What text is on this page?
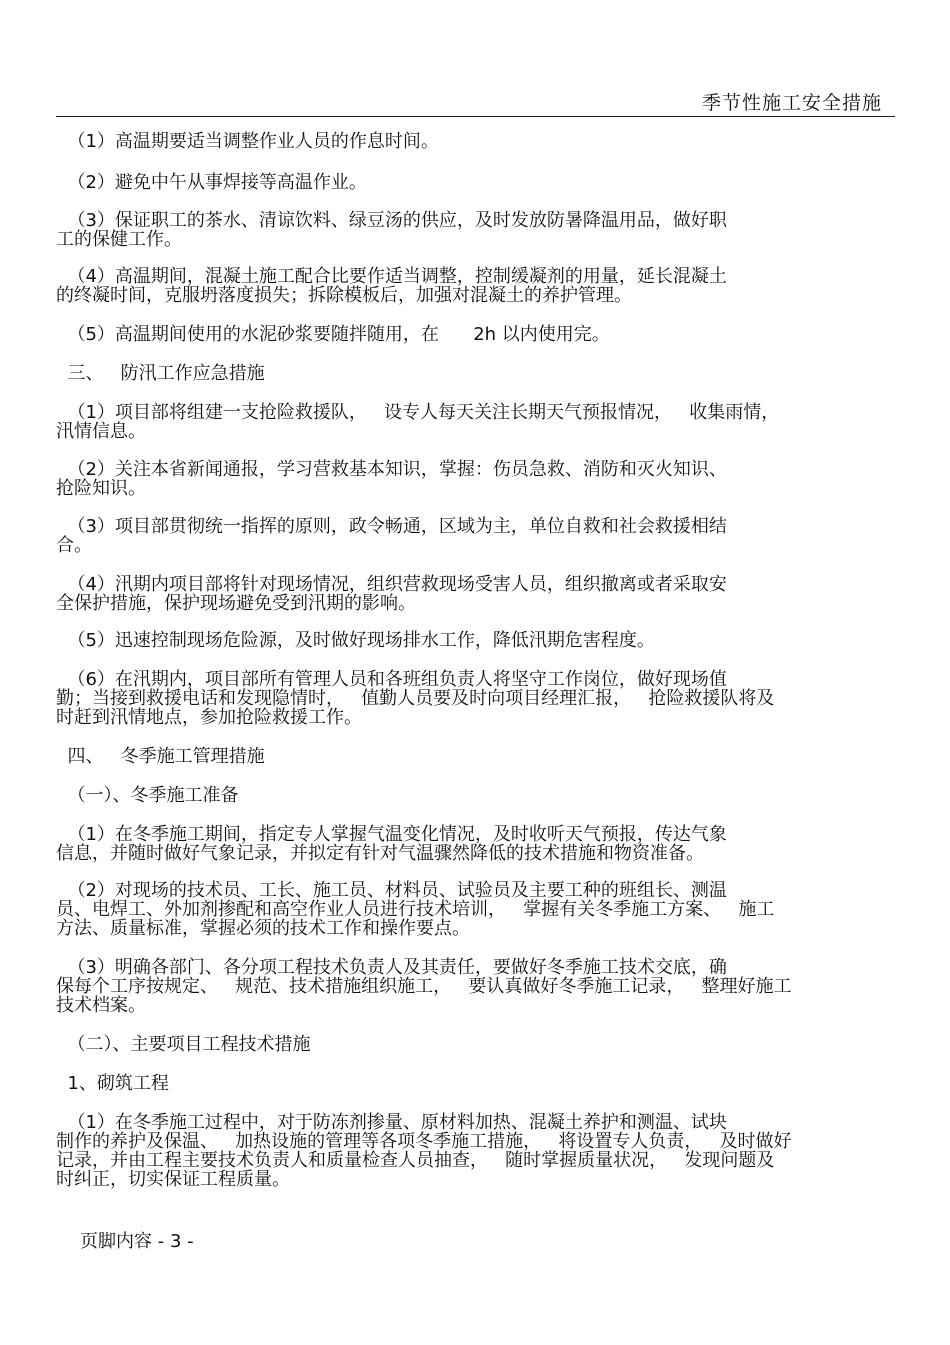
季节性施工安全措施
（1）高温期要适当调整作业人员的作息时间。
（2）避免中午从事焊接等高温作业。
（3）保证职工的茶水、清谅饮料、绿豆汤的供应，及时发放防暑降温用品，做好职
工的保健工作。
（4）高温期间，混凝土施工配合比要作适当调整，控制缓凝剂的用量，延长混凝土
的终凝时间，克服坍落度损失；拆除模板后，加强对混凝土的养护管理。
（5）高温期间使用的水泥砂浆要随拌随用，在      2h 以内使用完。
三、   防汛工作应急措施
（1）项目部将组建一支抢险救援队，   设专人每天关注长期天气预报情况，   收集雨情，
汛情信息。
（2）关注本省新闻通报，学习营救基本知识，掌握：伤员急救、消防和灭火知识、
抢险知识。
（3）项目部贯彻统一指挥的原则，政令畅通，区域为主，单位自救和社会救援相结
合。
（4）汛期内项目部将针对现场情况，组织营救现场受害人员，组织撤离或者采取安
全保护措施，保护现场避免受到汛期的影响。
（5）迅速控制现场危险源，及时做好现场排水工作，降低汛期危害程度。
（6）在汛期内，项目部所有管理人员和各班组负责人将坚守工作岗位，做好现场值
勤；当接到救援电话和发现隐情时，   值勤人员要及时向项目经理汇报，   抢险救援队将及
时赶到汛情地点，参加抢险救援工作。
四、   冬季施工管理措施
（一）、冬季施工准备
（1）在冬季施工期间，指定专人掌握气温变化情况，及时收听天气预报，传达气象
信息，并随时做好气象记录，并拟定有针对气温骤然降低的技术措施和物资准备。
（2）对现场的技术员、工长、施工员、材料员、试验员及主要工种的班组长、测温
员、电焊工、外加剂掺配和高空作业人员进行技术培训，   掌握有关冬季施工方案、   施工
方法、质量标准，掌握必须的技术工作和操作要点。
（3）明确各部门、各分项工程技术负责人及其责任，要做好冬季施工技术交底，确
保每个工序按规定、   规范、技术措施组织施工，   要认真做好冬季施工记录，   整理好施工
技术档案。
（二）、主要项目工程技术措施
1、砌筑工程
（1）在冬季施工过程中，对于防冻剂掺量、原材料加热、混凝土养护和测温、试块
制作的养护及保温、   加热设施的管理等各项冬季施工措施，   将设置专人负责，   及时做好
记录，并由工程主要技术负责人和质量检查人员抽查，   随时掌握质量状况，   发现问题及
时纠正，切实保证工程质量。
页脚内容 - 3 -
